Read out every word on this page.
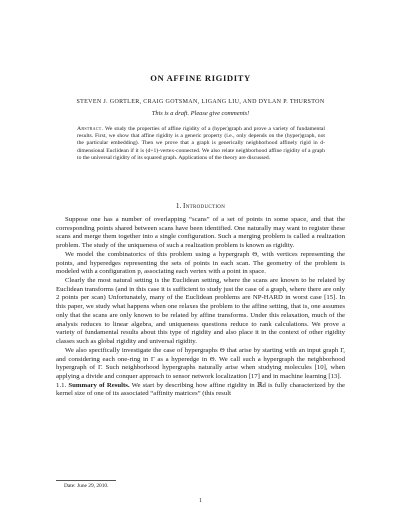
ON AFFINE RIGIDITY
STEVEN J. GORTLER, CRAIG GOTSMAN, LIGANG LIU, AND DYLAN P. THURSTON
This is a draft. Please give comments!

Abstract. We study the properties of affine rigidity of a (hyper)graph and prove a variety of fundamental results. First, we show that affine rigidity is a generic property (i.e., only depends on the (hyper)graph, not the particular embedding). Then we prove that a graph is generically neighborhood affinely rigid in d-dimensional Euclidean if it is (d+1)-vertex-connected. We also relate neighborhood affine rigidity of a graph to the universal rigidity of its squared graph. Applications of the theory are discussed.

1. Introduction

Suppose one has a number of overlapping “scans” of a set of points in some space, and that the corresponding points shared between scans have been identified. One naturally may want to register these scans and merge them together into a single configuration. Such a merging problem is called a realization problem. The study of the uniqueness of such a realization problem is known as rigidity.

We model the combinatorics of this problem using a hypergraph Θ, with vertices representing the points, and hyperedges representing the sets of points in each scan. The geometry of the problem is modeled with a configuration p, associating each vertex with a point in space.

Clearly the most natural setting is the Euclidean setting, where the scans are known to be related by Euclidean transforms (and in this case it is sufficient to study just the case of a graph, where there are only 2 points per scan) Unfortunately, many of the Euclidean problems are NP-HARD in worst case [15]. In this paper, we study what happens when one relaxes the problem to the affine setting, that is, one assumes only that the scans are only known to be related by affine transforms. Under this relaxation, much of the analysis reduces to linear algebra, and uniqueness questions reduce to rank calculations. We prove a variety of fundamental results about this type of rigidity and also place it in the context of other rigidity classes such as global rigidity and universal rigidity.

We also specifically investigate the case of hypergraphs Θ that arise by starting with an input graph Γ, and considering each one-ring in Γ as a hyperedge in Θ. We call such a hypergraph the neighborhood hypergraph of Γ. Such neighborhood hypergraphs naturally arise when studying molecules [10], when applying a divide and conquer approach to sensor network localization [17] and in machine learning [13].

1.1. Summary of Results. We start by describing how affine rigidity in ℝd is fully characterized by the kernel size of one of its associated “affinity matrices” (this result

Date: June 29, 2010.
1
